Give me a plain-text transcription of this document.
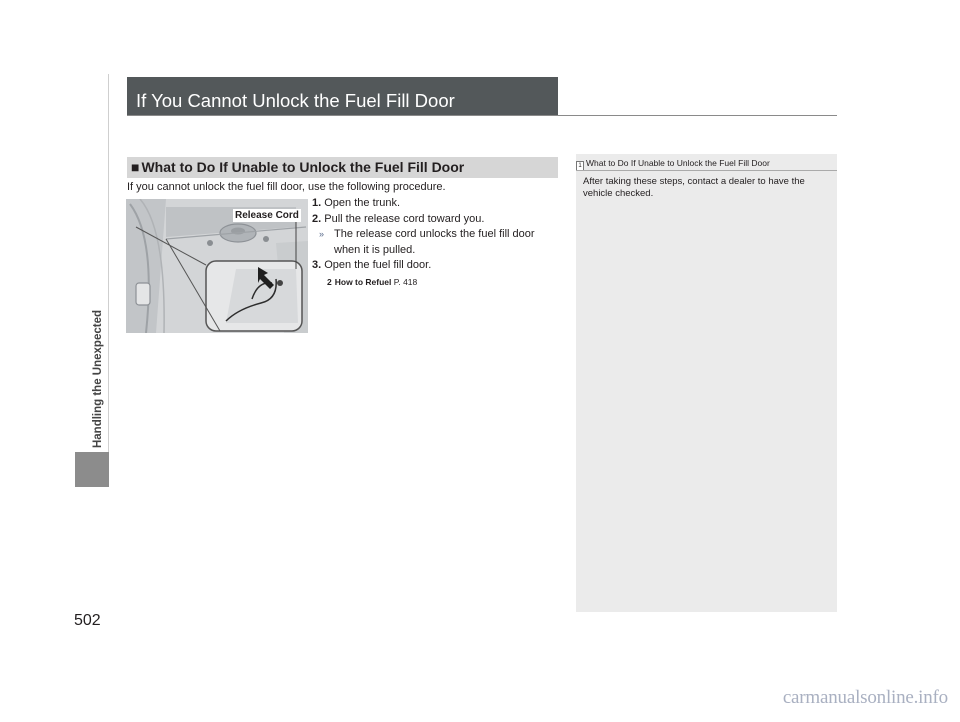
Handling the Unexpected
502
If You Cannot Unlock the Fuel Fill Door
■ What to Do If Unable to Unlock the Fuel Fill Door
If you cannot unlock the fuel fill door, use the following procedure.
Release Cord
1. Open the trunk.
2. Pull the release cord toward you.
» The release cord unlocks the fuel fill door
when it is pulled.
3. Open the fuel fill door.
2 How to Refuel P. 418
1 What to Do If Unable to Unlock the Fuel Fill Door
After taking these steps, contact a dealer to have the vehicle checked.
carmanualsonline.info
